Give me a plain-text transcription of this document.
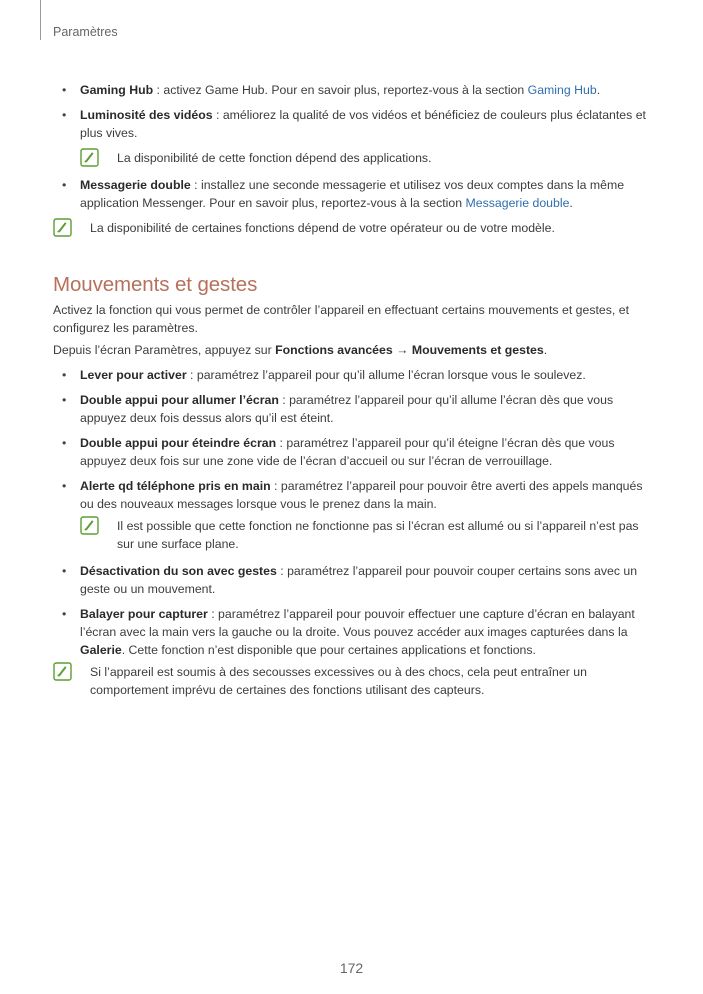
Paramètres
• Gaming Hub : activez Game Hub. Pour en savoir plus, reportez-vous à la section Gaming Hub.
• Luminosité des vidéos : améliorez la qualité de vos vidéos et bénéficiez de couleurs plus éclatantes et plus vives.
La disponibilité de cette fonction dépend des applications.
• Messagerie double : installez une seconde messagerie et utilisez vos deux comptes dans la même application Messenger. Pour en savoir plus, reportez-vous à la section Messagerie double.
La disponibilité de certaines fonctions dépend de votre opérateur ou de votre modèle.
Mouvements et gestes

Activez la fonction qui vous permet de contrôler l’appareil en effectuant certains mouvements et gestes, et configurez les paramètres.

Depuis l’écran Paramètres, appuyez sur Fonctions avancées → Mouvements et gestes.

• Lever pour activer : paramétrez l’appareil pour qu’il allume l’écran lorsque vous le soulevez.
• Double appui pour allumer l’écran : paramétrez l’appareil pour qu’il allume l’écran dès que vous appuyez deux fois dessus alors qu’il est éteint.
• Double appui pour éteindre écran : paramétrez l’appareil pour qu’il éteigne l’écran dès que vous appuyez deux fois sur une zone vide de l’écran d’accueil ou sur l’écran de verrouillage.
• Alerte qd téléphone pris en main : paramétrez l’appareil pour pouvoir être averti des appels manqués ou des nouveaux messages lorsque vous le prenez dans la main.
Il est possible que cette fonction ne fonctionne pas si l’écran est allumé ou si l’appareil n’est pas sur une surface plane.
• Désactivation du son avec gestes : paramétrez l’appareil pour pouvoir couper certains sons avec un geste ou un mouvement.
• Balayer pour capturer : paramétrez l’appareil pour pouvoir effectuer une capture d’écran en balayant l’écran avec la main vers la gauche ou la droite. Vous pouvez accéder aux images capturées dans la Galerie. Cette fonction n’est disponible que pour certaines applications et fonctions.
Si l’appareil est soumis à des secousses excessives ou à des chocs, cela peut entraîner un comportement imprévu de certaines des fonctions utilisant des capteurs.
172
